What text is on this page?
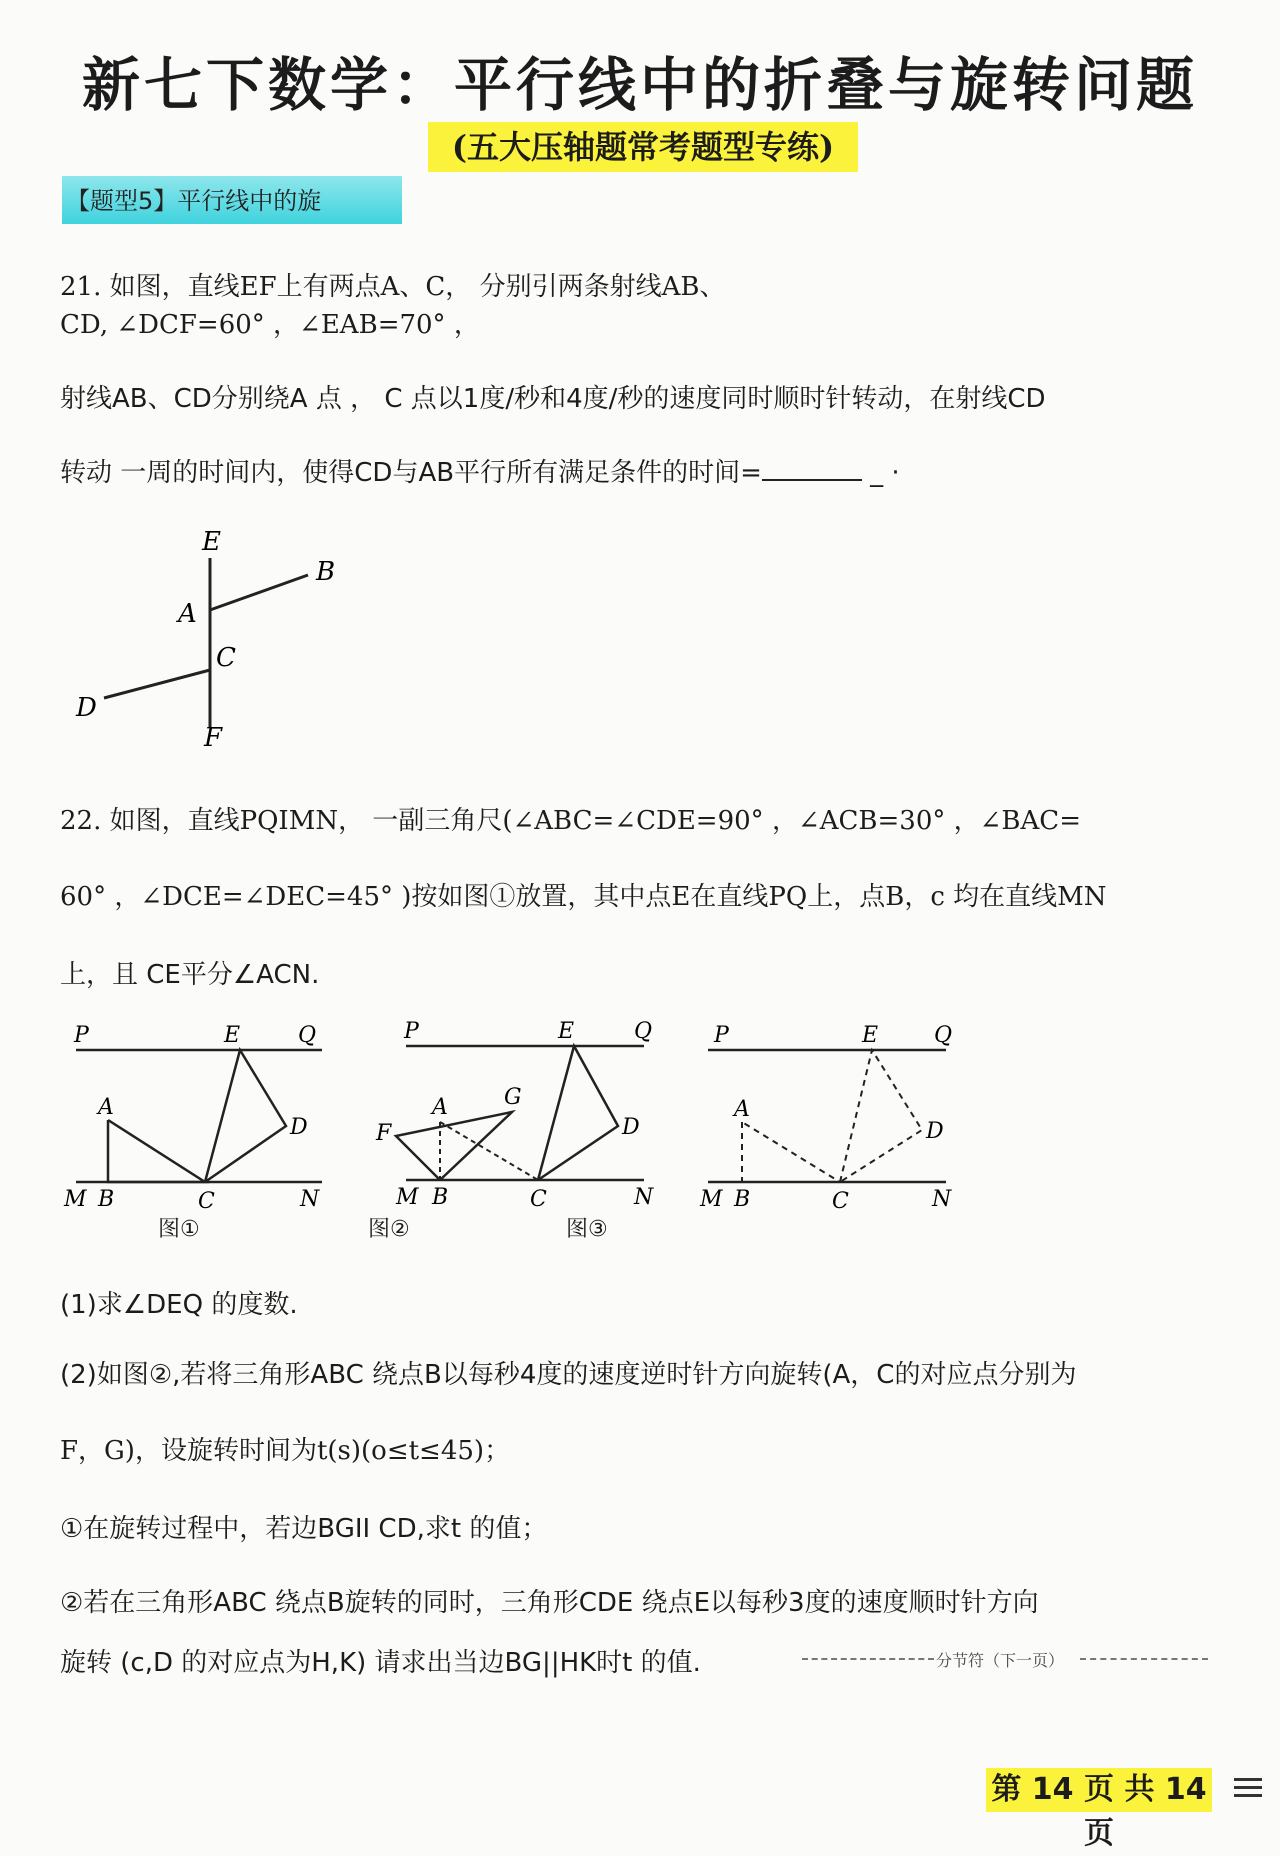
新七下数学：平行线中的折叠与旋转问题
(五大压轴题常考题型专练)
【题型5】平行线中的旋
21. 如图，直线EF上有两点A、C， 分别引两条射线AB、
CD, ∠DCF=60° ，∠EAB=70° ，
射线AB、CD分别绕A 点 ， C 点以1度/秒和4度/秒的速度同时顺时针转动，在射线CD
转动 一周的时间内，使得CD与AB平行所有满足条件的时间=	_ ·
E
B
A
C
D
F
22. 如图，直线PQIMN， 一副三角尺(∠ABC=∠CDE=90° ，∠ACB=30° ，∠BAC=
60° ，∠DCE=∠DEC=45° )按如图①放置，其中点E在直线PQ上，点B，c 均在直线MN
上，且 CE平分∠ACN.
P	E	Q
A
D
M B	C	N
P	E	Q
A	G
F	D
M B	C	N
P	E	Q
A
D
M B	C	N
图①	图②	图③
(1)求∠DEQ 的度数.
(2)如图②,若将三角形ABC 绕点B以每秒4度的速度逆时针方向旋转(A，C的对应点分别为
F，G)，设旋转时间为t(s)(o≤t≤45)；
①在旋转过程中，若边BGII CD,求t 的值；
②若在三角形ABC 绕点B旋转的同时，三角形CDE 绕点E以每秒3度的速度顺时针方向
旋转 (c,D 的对应点为H,K) 请求出当边BG||HK时t 的值.	分节符（下一页）
第 14 页 共 14 页
